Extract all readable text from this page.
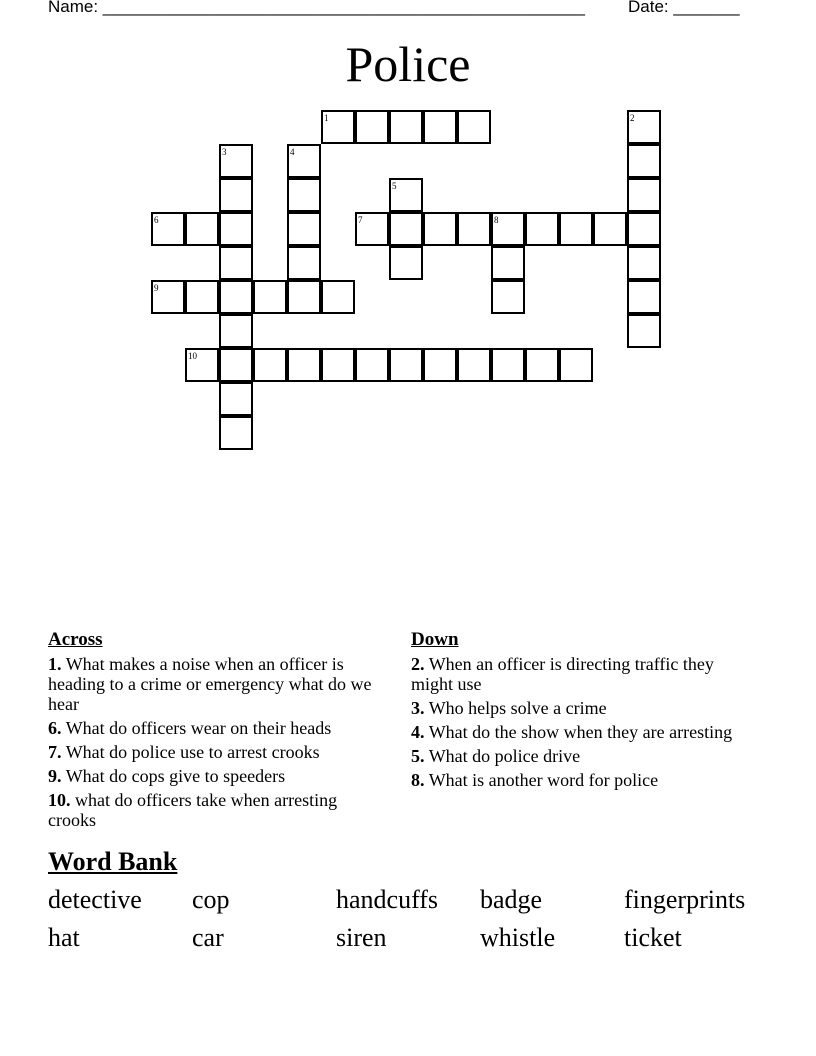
Name: ___________________________________________________	Date: _______
Police
1	2
3	4
5
6	7	8
9
10
Across
1. What makes a noise when an officer is heading to a crime or emergency what do we hear
6. What do officers wear on their heads
7. What do police use to arrest crooks
9. What do cops give to speeders
10. what do officers take when arresting crooks
Down
2. When an officer is directing traffic they might use
3. Who helps solve a crime
4. What do the show when they are arresting
5. What do police drive
8. What is another word for police
Word Bank
detective	cop	handcuffs	badge	fingerprints
hat	car	siren	whistle	ticket
